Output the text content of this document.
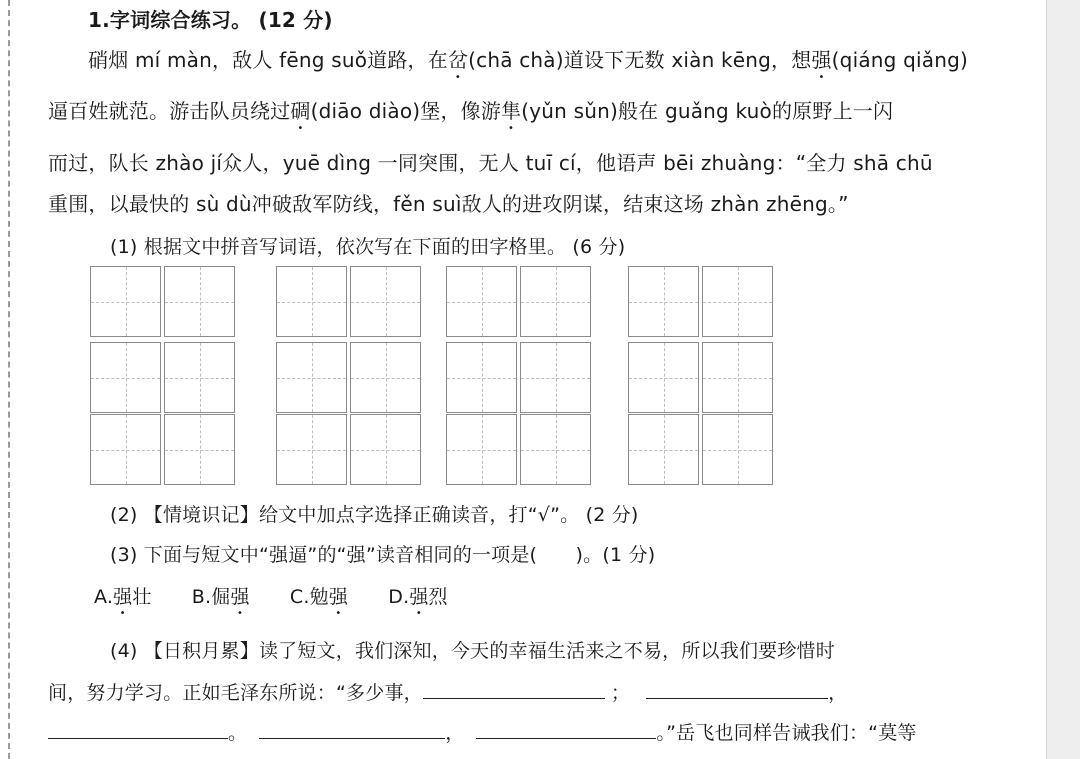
1.字词综合练习。 (12 分)
硝烟 mí màn，敌人 fēng suǒ道路，在岔(chā chà)道设下无数 xiàn kēng，想强(qiáng qiǎng)
逼百姓就范。游击队员绕过碉(diāo diào)堡，像游隼(yǔn sǔn)般在 guǎng kuò的原野上一闪
而过，队长 zhào jí众人，yuē dìng 一同突围，无人 tuī cí，他语声 bēi zhuàng：“全力 shā chū
重围，以最快的 sù dù冲破敌军防线，fěn suì敌人的进攻阴谋，结束这场 zhàn zhēng。”
(1) 根据文中拼音写词语，依次写在下面的田字格里。 (6 分)
(2) 【情境识记】给文中加点字选择正确读音，打“√”。 (2 分)
(3) 下面与短文中“强逼”的“强”读音相同的一项是(　　)。(1 分)
A.强壮 B.倔强 C.勉强 D.强烈
(4) 【日积月累】读了短文，我们深知，今天的幸福生活来之不易，所以我们要珍惜时
间，努力学习。正如毛泽东所说：“多少事，	；	，
。	，	。”岳飞也同样告诫我们：“莫等
